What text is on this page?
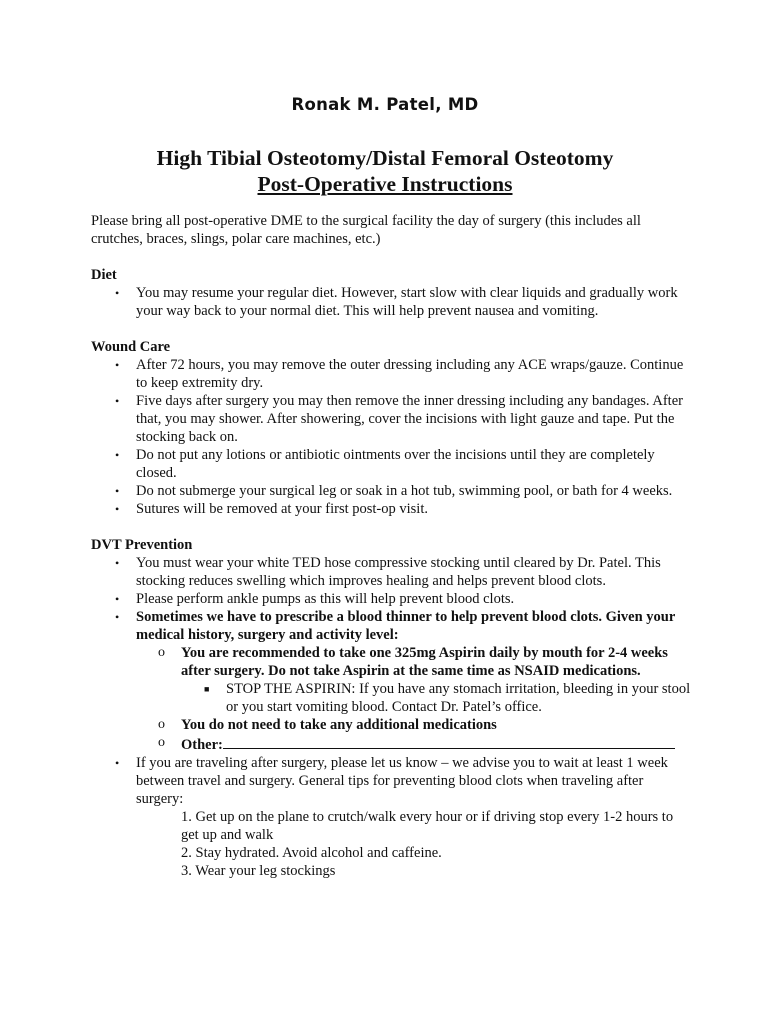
Ronak M. Patel, MD
High Tibial Osteotomy/Distal Femoral Osteotomy
Post-Operative Instructions

Please bring all post-operative DME to the surgical facility the day of surgery (this includes all crutches, braces, slings, polar care machines, etc.)

Diet

• You may resume your regular diet. However, start slow with clear liquids and gradually work your way back to your normal diet. This will help prevent nausea and vomiting.

Wound Care

• After 72 hours, you may remove the outer dressing including any ACE wraps/gauze. Continue to keep extremity dry.
• Five days after surgery you may then remove the inner dressing including any bandages. After that, you may shower. After showering, cover the incisions with light gauze and tape. Put the stocking back on.
• Do not put any lotions or antibiotic ointments over the incisions until they are completely closed.
• Do not submerge your surgical leg or soak in a hot tub, swimming pool, or bath for 4 weeks.
• Sutures will be removed at your first post-op visit.

DVT Prevention

• You must wear your white TED hose compressive stocking until cleared by Dr. Patel. This stocking reduces swelling which improves healing and helps prevent blood clots.
• Please perform ankle pumps as this will help prevent blood clots.
• Sometimes we have to prescribe a blood thinner to help prevent blood clots. Given your medical history, surgery and activity level:
o You are recommended to take one 325mg Aspirin daily by mouth for 2-4 weeks after surgery. Do not take Aspirin at the same time as NSAID medications.
■ STOP THE ASPIRIN: If you have any stomach irritation, bleeding in your stool or you start vomiting blood. Contact Dr. Patel’s office.
o You do not need to take any additional medications
o Other:
• If you are traveling after surgery, please let us know – we advise you to wait at least 1 week between travel and surgery. General tips for preventing blood clots when traveling after surgery:
1. Get up on the plane to crutch/walk every hour or if driving stop every 1-2 hours to get up and walk
2. Stay hydrated. Avoid alcohol and caffeine.
3. Wear your leg stockings
